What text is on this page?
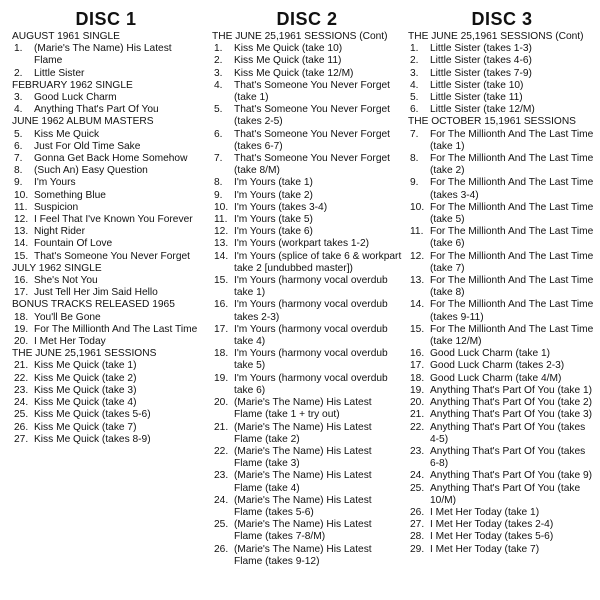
DISC 1
AUGUST 1961 SINGLE
1.	(Marie's The Name) His Latest Flame
2.	Little Sister
FEBRUARY 1962 SINGLE
3.	Good Luck Charm
4.	Anything That's Part Of You
JUNE 1962 ALBUM MASTERS
5.	Kiss Me Quick
6.	Just For Old Time Sake
7.	Gonna Get Back Home Somehow
8.	(Such An) Easy Question
9.	I'm Yours
10. Something Blue
11. Suspicion
12. I Feel That I've Known You Forever
13. Night Rider
14. Fountain Of Love
15. That's Someone You Never Forget
JULY 1962 SINGLE
16. She's Not You
17. Just Tell Her Jim Said Hello
BONUS TRACKS RELEASED 1965
18. You'll Be Gone
19. For The Millionth And The Last Time
20. I Met Her Today
THE JUNE 25,1961 SESSIONS
21. Kiss Me Quick (take 1)
22. Kiss Me Quick (take 2)
23. Kiss Me Quick (take 3)
24. Kiss Me Quick (take 4)
25. Kiss Me Quick (takes 5-6)
26. Kiss Me Quick (take 7)
27. Kiss Me Quick (takes 8-9)
DISC 2
THE JUNE 25,1961 SESSIONS (Cont)
1.	Kiss Me Quick (take 10)
2.	Kiss Me Quick (take 11)
3.	Kiss Me Quick (take 12/M)
4.	That's Someone You Never Forget (take 1)
5.	That's Someone You Never Forget (takes 2-5)
6.	That's Someone You Never Forget (takes 6-7)
7.	That's Someone You Never Forget (take 8/M)
8.	I'm Yours (take 1)
9.	I'm Yours (take 2)
10. I'm Yours (takes 3-4)
11. I'm Yours (take 5)
12. I'm Yours (take 6)
13. I'm Yours (workpart takes 1-2)
14. I'm Yours (splice of take 6 & workpart take 2 [undubbed master])
15. I'm Yours (harmony vocal overdub take 1)
16. I'm Yours (harmony vocal overdub takes 2-3)
17. I'm Yours (harmony vocal overdub take 4)
18. I'm Yours (harmony vocal overdub take 5)
19. I'm Yours (harmony vocal overdub take 6)
20. (Marie's The Name) His Latest Flame (take 1 + try out)
21. (Marie's The Name) His Latest Flame (take 2)
22. (Marie's The Name) His Latest Flame (take 3)
23. (Marie's The Name) His Latest Flame (take 4)
24. (Marie's The Name) His Latest Flame (takes 5-6)
25. (Marie's The Name) His Latest Flame (takes 7-8/M)
26. (Marie's The Name) His Latest Flame (takes 9-12)
DISC 3
THE JUNE 25,1961 SESSIONS (Cont)
1.	Little Sister (takes 1-3)
2.	Little Sister (takes 4-6)
3.	Little Sister (takes 7-9)
4.	Little Sister (take 10)
5.	Little Sister (take 11)
6.	Little Sister (take 12/M)
THE OCTOBER 15,1961 SESSIONS
7.	For The Millionth And The Last Time (take 1)
8.	For The Millionth And The Last Time (take 2)
9.	For The Millionth And The Last Time (takes 3-4)
10. For The Millionth And The Last Time (take 5)
11. For The Millionth And The Last Time (take 6)
12. For The Millionth And The Last Time (take 7)
13. For The Millionth And The Last Time (take 8)
14. For The Millionth And The Last Time (takes 9-11)
15. For The Millionth And The Last Time (take 12/M)
16. Good Luck Charm (take 1)
17. Good Luck Charm (takes 2-3)
18. Good Luck Charm (take 4/M)
19. Anything That's Part Of You (take 1)
20. Anything That's Part Of You (take 2)
21. Anything That's Part Of You (take 3)
22. Anything That's Part Of You (takes 4-5)
23. Anything That's Part Of You (takes 6-8)
24. Anything That's Part Of You (take 9)
25. Anything That's Part Of You (take 10/M)
26. I Met Her Today (take 1)
27. I Met Her Today (takes 2-4)
28. I Met Her Today (takes 5-6)
29. I Met Her Today (take 7)
